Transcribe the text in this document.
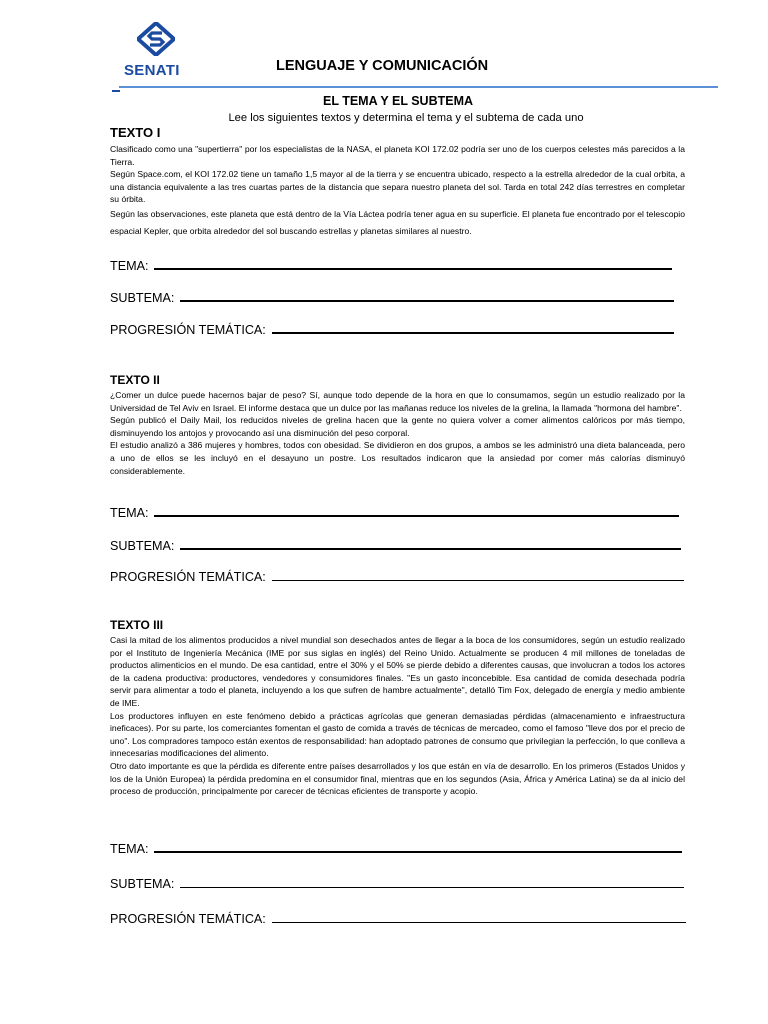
SENATI	LENGUAJE Y COMUNICACIÓN
EL TEMA Y EL SUBTEMA
Lee los siguientes textos y determina el tema y el subtema de cada uno
TEXTO I

Clasificado como una "supertierra" por los especialistas de la NASA, el planeta KOI 172.02 podría ser uno de los cuerpos celestes más parecidos a la Tierra.

Según Space.com, el KOI 172.02 tiene un tamaño 1,5 mayor al de la tierra y se encuentra ubicado, respecto a la estrella alrededor de la cual orbita, a una distancia equivalente a las tres cuartas partes de la distancia que separa nuestro planeta del sol. Tarda en total 242 días terrestres en completar su órbita.

Según las observaciones, este planeta que está dentro de la Vía Láctea podría tener agua en su superficie. El planeta fue encontrado por el telescopio espacial Kepler, que orbita alrededor del sol buscando estrellas y planetas similares al nuestro.

TEMA:
SUBTEMA:
PROGRESIÓN TEMÁTICA:
TEXTO II

¿Comer un dulce puede hacernos bajar de peso? Sí, aunque todo depende de la hora en que lo consumamos, según un estudio realizado por la Universidad de Tel Aviv en Israel. El informe destaca que un dulce por las mañanas reduce los niveles de la grelina, la llamada "hormona del hambre".

Según publicó el Daily Mail, los reducidos niveles de grelina hacen que la gente no quiera volver a comer alimentos calóricos por más tiempo, disminuyendo los antojos y provocando así una disminución del peso corporal.

El estudio analizó a 386 mujeres y hombres, todos con obesidad. Se dividieron en dos grupos, a ambos se les administró una dieta balanceada, pero a uno de ellos se les incluyó en el desayuno un postre. Los resultados indicaron que la ansiedad por comer más calorías disminuyó considerablemente.

TEMA:
SUBTEMA:
PROGRESIÓN TEMÁTICA:
TEXTO III

Casi la mitad de los alimentos producidos a nivel mundial son desechados antes de llegar a la boca de los consumidores, según un estudio realizado por el Instituto de Ingeniería Mecánica (IME por sus siglas en inglés) del Reino Unido. Actualmente se producen 4 mil millones de toneladas de productos alimenticios en el mundo. De esa cantidad, entre el 30% y el 50% se pierde debido a diferentes causas, que involucran a todos los actores de la cadena productiva: productores, vendedores y consumidores finales. "Es un gasto inconcebible. Esa cantidad de comida desechada podría servir para alimentar a todo el planeta, incluyendo a los que sufren de hambre actualmente", detalló Tim Fox, delegado de energía y medio ambiente de IME.

Los productores influyen en este fenómeno debido a prácticas agrícolas que generan demasiadas pérdidas (almacenamiento e infraestructura ineficaces). Por su parte, los comerciantes fomentan el gasto de comida a través de técnicas de mercadeo, como el famoso "lleve dos por el precio de uno". Los compradores tampoco están exentos de responsabilidad: han adoptado patrones de consumo que privilegian la perfección, lo que conlleva a innecesarias modificaciones del alimento.

Otro dato importante es que la pérdida es diferente entre países desarrollados y los que están en vía de desarrollo. En los primeros (Estados Unidos y los de la Unión Europea) la pérdida predomina en el consumidor final, mientras que en los segundos (Asia, África y América Latina) se da al inicio del proceso de producción, principalmente por carecer de técnicas eficientes de transporte y acopio.

TEMA:
SUBTEMA:
PROGRESIÓN TEMÁTICA:
